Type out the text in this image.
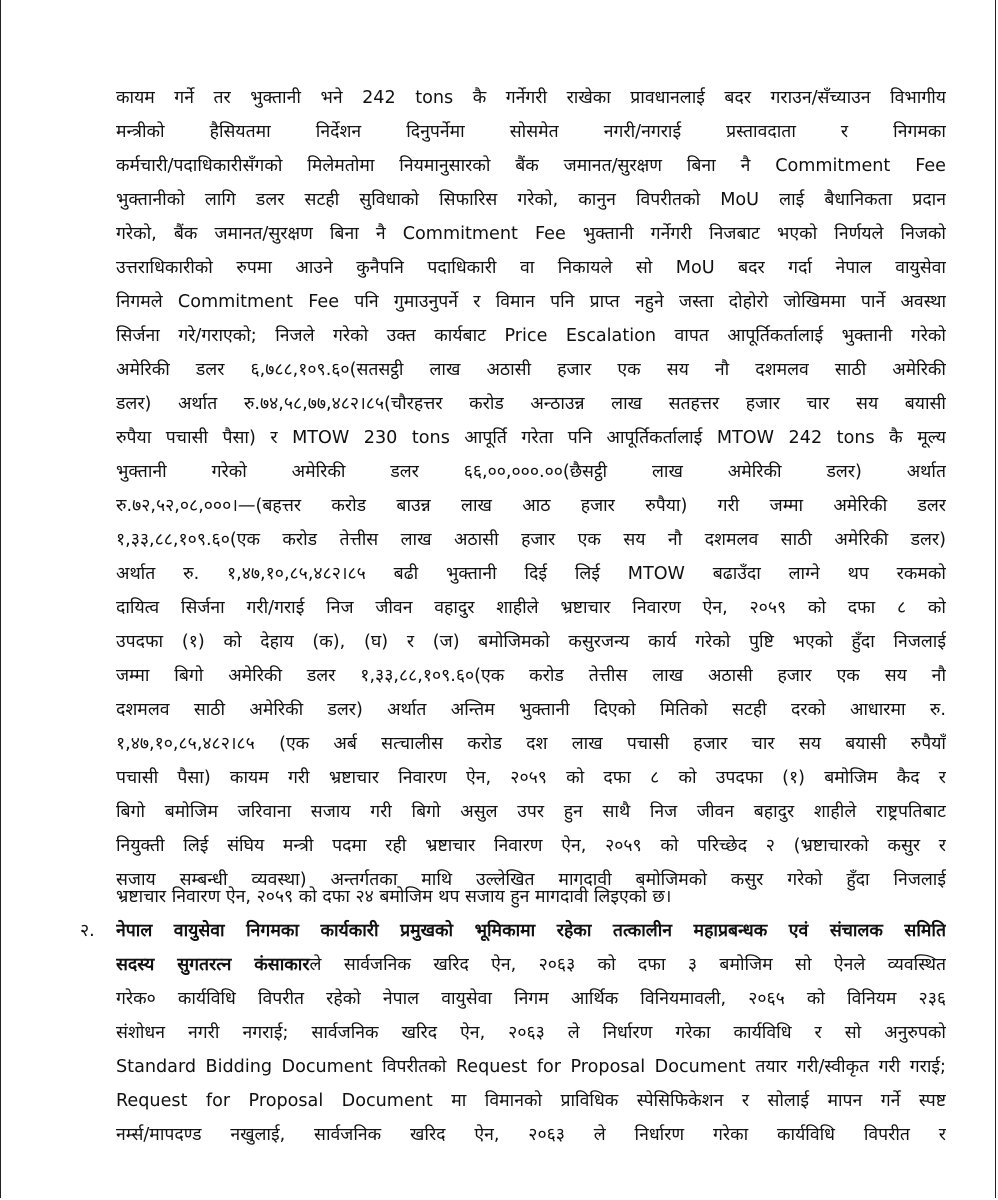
कायम गर्ने तर भुक्तानी भने 242 tons कै गर्नेगरी राखेका प्रावधानलाई बदर गराउन/सँच्याउन विभागीय
मन्त्रीको हैसियतमा निर्देशन दिनुपर्नेमा सोसमेत नगरी/नगराई प्रस्तावदाता र निगमका
कर्मचारी/पदाधिकारीसँगको मिलेमतोमा नियमानुसारको बैंक जमानत/सुरक्षण बिना नै Commitment Fee
भुक्तानीको लागि डलर सटही सुविधाको सिफारिस गरेको, कानुन विपरीतको MoU लाई बैधानिकता प्रदान
गरेको, बैंक जमानत/सुरक्षण बिना नै Commitment Fee भुक्तानी गर्नेगरी निजबाट भएको निर्णयले निजको
उत्तराधिकारीको रुपमा आउने कुनैपनि पदाधिकारी वा निकायले सो MoU बदर गर्दा नेपाल वायुसेवा
निगमले Commitment Fee पनि गुमाउनुपर्ने र विमान पनि प्राप्त नहुने जस्ता दोहोरो जोखिममा पार्ने अवस्था
सिर्जना गरे/गराएको; निजले गरेको उक्त कार्यबाट Price Escalation वापत आपूर्तिकर्तालाई भुक्तानी गरेको
अमेरिकी डलर ६,७८८,१०९.६०(सतसट्ठी लाख अठासी हजार एक सय नौ दशमलव साठी अमेरिकी
डलर) अर्थात रु.७४,५८,७७,४८२।८५(चौरहत्तर करोड अन्ठाउन्न लाख सतहत्तर हजार चार सय बयासी
रुपैया पचासी पैसा) र MTOW 230 tons आपूर्ति गरेता पनि आपूर्तिकर्तालाई MTOW 242 tons कै मूल्य
भुक्तानी गरेको अमेरिकी डलर ६६,००,०००.००(छैसट्ठी लाख अमेरिकी डलर) अर्थात
रु.७२,५२,०८,०००।—(बहत्तर करोड बाउन्न लाख आठ हजार रुपैया) गरी जम्मा अमेरिकी डलर
१,३३,८८,१०९.६०(एक करोड तेत्तीस लाख अठासी हजार एक सय नौ दशमलव साठी अमेरिकी डलर)
अर्थात रु. १,४७,१०,८५,४८२।८५ बढी भुक्तानी दिई लिई MTOW बढाउँदा लाग्ने थप रकमको
दायित्व सिर्जना गरी/गराई निज जीवन वहादुर शाहीले भ्रष्टाचार निवारण ऐन, २०५९ को दफा ८ को
उपदफा (१) को देहाय (क), (घ) र (ज) बमोजिमको कसुरजन्य कार्य गरेको पुष्टि भएको हुँदा निजलाई
जम्मा बिगो अमेरिकी डलर १,३३,८८,१०९.६०(एक करोड तेत्तीस लाख अठासी हजार एक सय नौ
दशमलव साठी अमेरिकी डलर) अर्थात अन्तिम भुक्तानी दिएको मितिको सटही दरको आधारमा रु.
१,४७,१०,८५,४८२।८५ (एक अर्ब सत्चालीस करोड दश लाख पचासी हजार चार सय बयासी रुपैयाँ
पचासी पैसा) कायम गरी भ्रष्टाचार निवारण ऐन, २०५९ को दफा ८ को उपदफा (१) बमोजिम कैद र
बिगो बमोजिम जरिवाना सजाय गरी बिगो असुल उपर हुन साथै निज जीवन बहादुर शाहीले राष्ट्रपतिबाट
नियुक्ती लिई संघिय मन्त्री पदमा रही भ्रष्टाचार निवारण ऐन, २०५९ को परिच्छेद २ (भ्रष्टाचारको कसुर र
सजाय सम्बन्धी व्यवस्था) अन्तर्गतका माथि उल्लेखित मागदावी बमोजिमको कसुर गरेको हुँदा निजलाई
भ्रष्टाचार निवारण ऐन, २०५९ को दफा २४ बमोजिम थप सजाय हुन मागदावी लिइएको छ।
२. नेपाल वायुसेवा निगमका कार्यकारी प्रमुखको भूमिकामा रहेका तत्कालीन महाप्रबन्धक एवं संचालक समिति
सदस्य सुगतरत्न कंसाकारले सार्वजनिक खरिद ऐन, २०६३ को दफा ३ बमोजिम सो ऐनले व्यवस्थित
गरेक० कार्यविधि विपरीत रहेको नेपाल वायुसेवा निगम आर्थिक विनियमावली, २०६५ को विनियम २३६
संशोधन नगरी नगराई; सार्वजनिक खरिद ऐन, २०६३ ले निर्धारण गरेका कार्यविधि र सो अनुरुपको
Standard Bidding Document विपरीतको Request for Proposal Document तयार गरी/स्वीकृत गरी गराई;
Request for Proposal Document मा विमानको प्राविधिक स्पेसिफिकेशन र सोलाई मापन गर्ने स्पष्ट
नर्म्स/मापदण्ड नखुलाई, सार्वजनिक खरिद ऐन, २०६३ ले निर्धारण गरेका कार्यविधि विपरीत र
